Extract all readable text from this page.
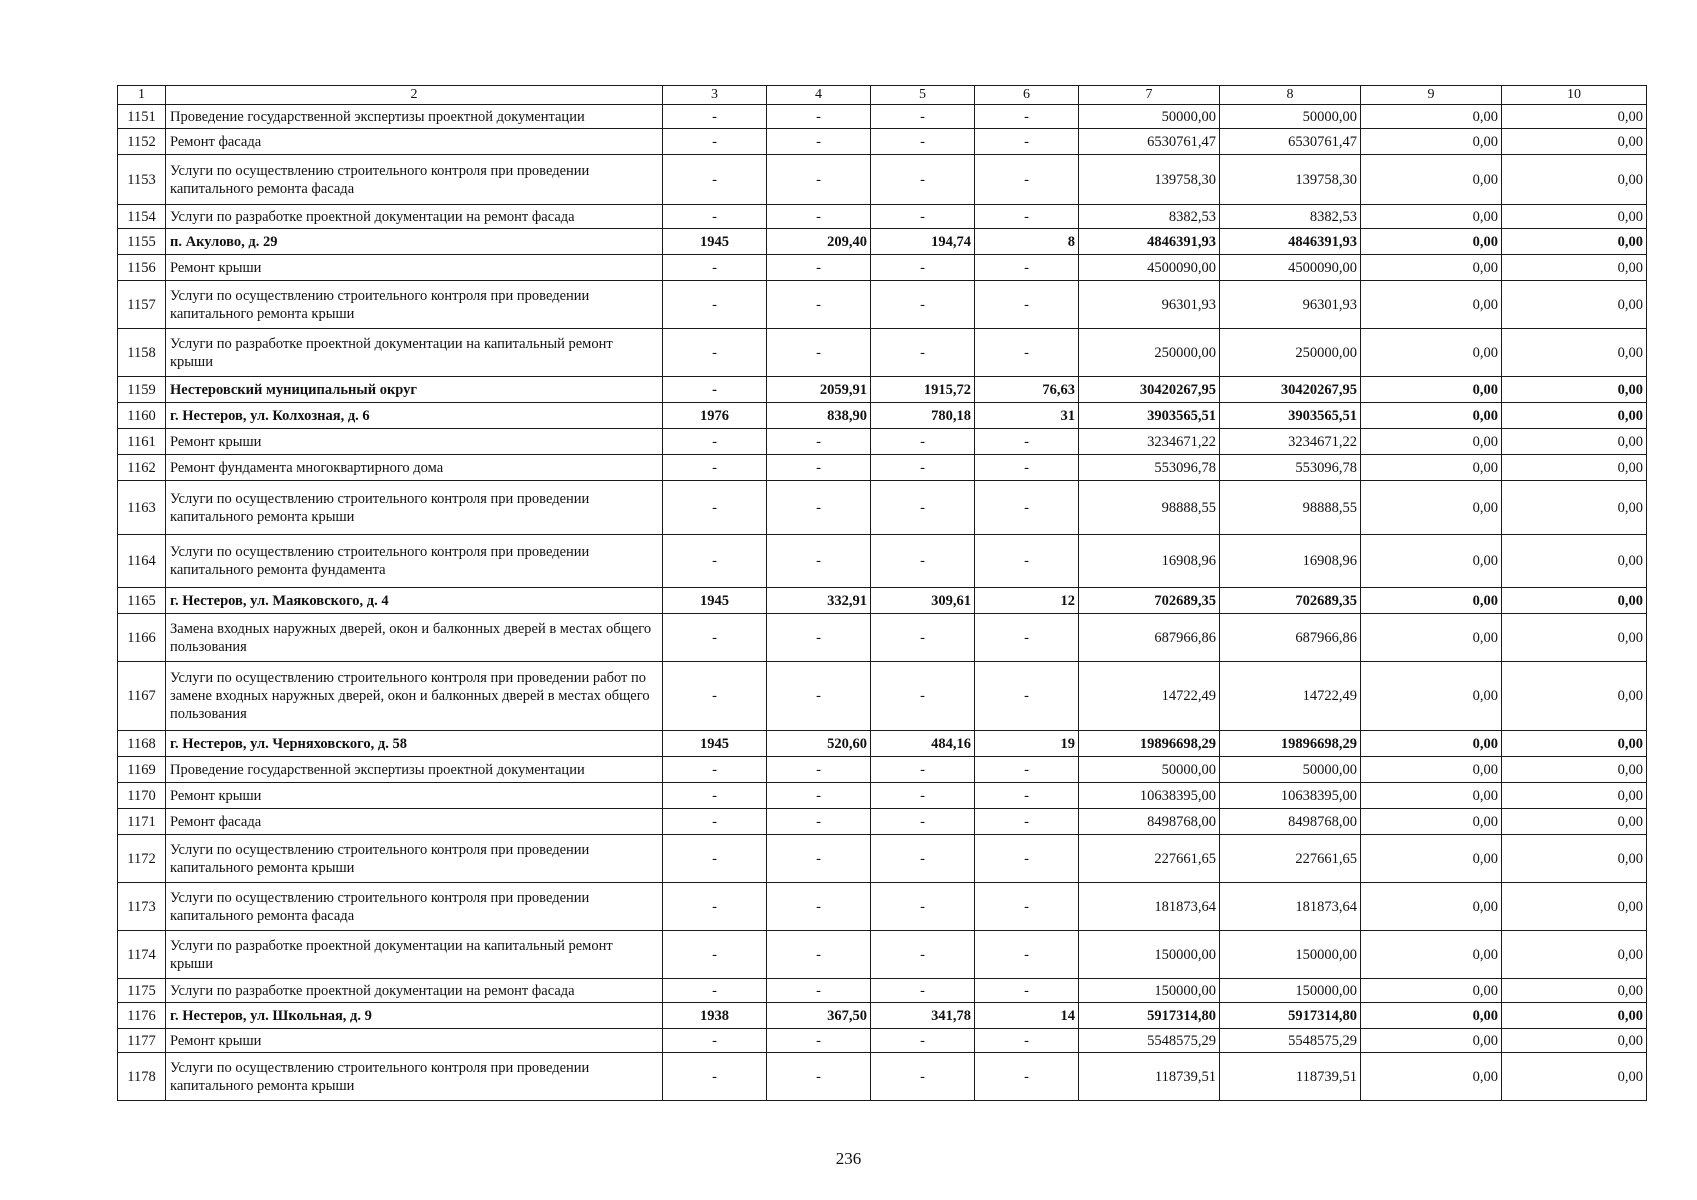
1	2	3	4	5	6	7	8	9	10
1151	Проведение государственной экспертизы проектной документации	-	-	-	-	50000,00	50000,00	0,00	0,00
1152	Ремонт фасада	-	-	-	-	6530761,47	6530761,47	0,00	0,00
1153	Услуги по осуществлению строительного контроля при проведении капитального ремонта фасада	-	-	-	-	139758,30	139758,30	0,00	0,00
1154	Услуги по разработке проектной документации на ремонт фасада	-	-	-	-	8382,53	8382,53	0,00	0,00
1155	п. Акулово, д. 29	1945	209,40	194,74	8	4846391,93	4846391,93	0,00	0,00
1156	Ремонт крыши	-	-	-	-	4500090,00	4500090,00	0,00	0,00
1157	Услуги по осуществлению строительного контроля при проведении капитального ремонта крыши	-	-	-	-	96301,93	96301,93	0,00	0,00
1158	Услуги по разработке проектной документации на капитальный ремонт крыши	-	-	-	-	250000,00	250000,00	0,00	0,00
1159	Нестеровский муниципальный округ	-	2059,91	1915,72	76,63	30420267,95	30420267,95	0,00	0,00
1160	г. Нестеров, ул. Колхозная, д. 6	1976	838,90	780,18	31	3903565,51	3903565,51	0,00	0,00
1161	Ремонт крыши	-	-	-	-	3234671,22	3234671,22	0,00	0,00
1162	Ремонт фундамента многоквартирного дома	-	-	-	-	553096,78	553096,78	0,00	0,00
1163	Услуги по осуществлению строительного контроля при проведении капитального ремонта крыши	-	-	-	-	98888,55	98888,55	0,00	0,00
1164	Услуги по осуществлению строительного контроля при проведении капитального ремонта фундамента	-	-	-	-	16908,96	16908,96	0,00	0,00
1165	г. Нестеров, ул. Маяковского, д. 4	1945	332,91	309,61	12	702689,35	702689,35	0,00	0,00
1166	Замена входных наружных дверей, окон и балконных дверей в местах общего пользования	-	-	-	-	687966,86	687966,86	0,00	0,00
1167	Услуги по осуществлению строительного контроля при проведении работ по замене входных наружных дверей, окон и балконных дверей в местах общего пользования	-	-	-	-	14722,49	14722,49	0,00	0,00
1168	г. Нестеров, ул. Черняховского, д. 58	1945	520,60	484,16	19	19896698,29	19896698,29	0,00	0,00
1169	Проведение государственной экспертизы проектной документации	-	-	-	-	50000,00	50000,00	0,00	0,00
1170	Ремонт крыши	-	-	-	-	10638395,00	10638395,00	0,00	0,00
1171	Ремонт фасада	-	-	-	-	8498768,00	8498768,00	0,00	0,00
1172	Услуги по осуществлению строительного контроля при проведении капитального ремонта крыши	-	-	-	-	227661,65	227661,65	0,00	0,00
1173	Услуги по осуществлению строительного контроля при проведении капитального ремонта фасада	-	-	-	-	181873,64	181873,64	0,00	0,00
1174	Услуги по разработке проектной документации на капитальный ремонт крыши	-	-	-	-	150000,00	150000,00	0,00	0,00
1175	Услуги по разработке проектной документации на ремонт фасада	-	-	-	-	150000,00	150000,00	0,00	0,00
1176	г. Нестеров, ул. Школьная, д. 9	1938	367,50	341,78	14	5917314,80	5917314,80	0,00	0,00
1177	Ремонт крыши	-	-	-	-	5548575,29	5548575,29	0,00	0,00
1178	Услуги по осуществлению строительного контроля при проведении капитального ремонта крыши	-	-	-	-	118739,51	118739,51	0,00	0,00
236
